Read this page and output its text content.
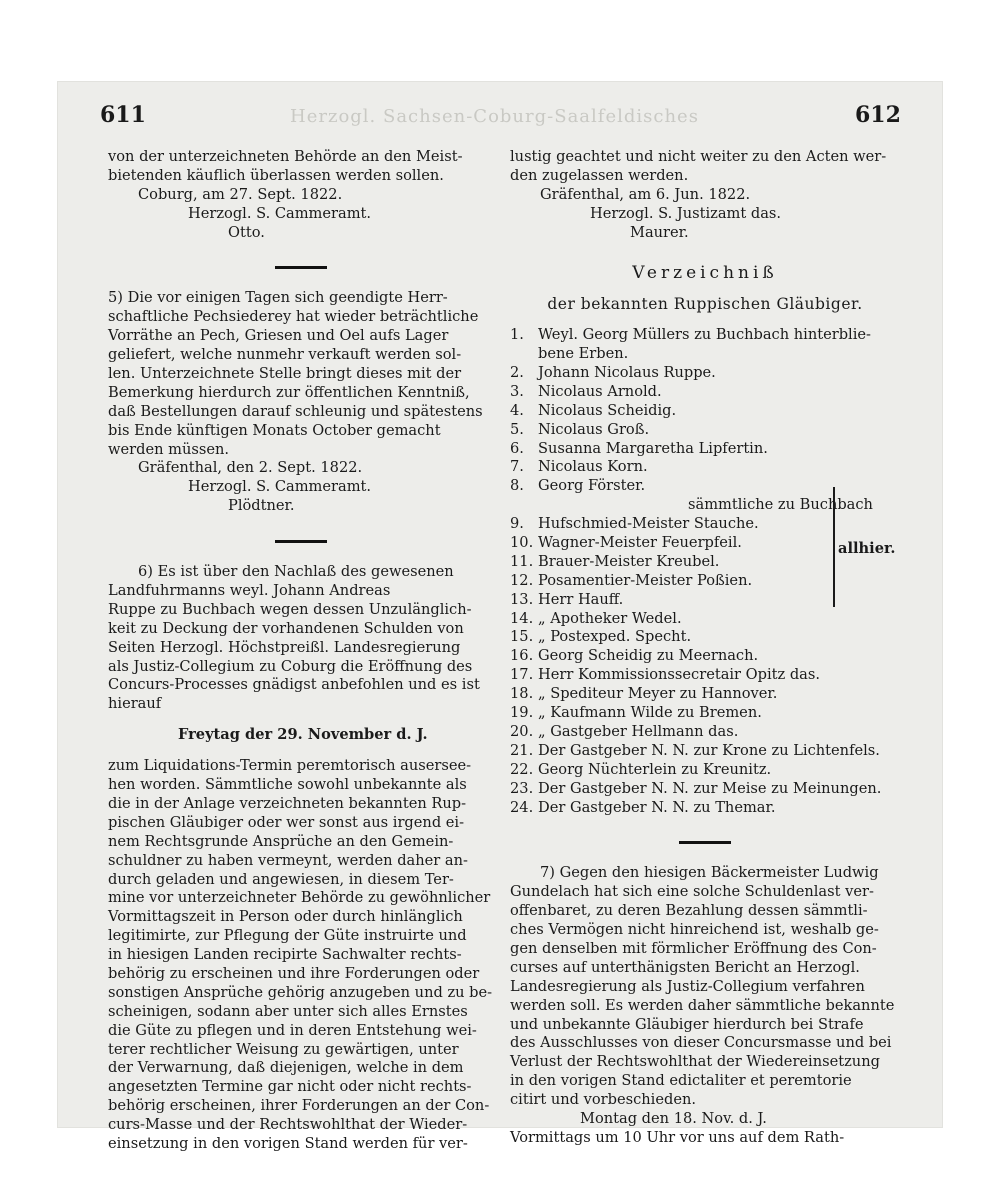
Herzogl. Sachsen-Coburg-Saalfeldisches
611	612
von der unterzeichneten Behörde an den Meist-
bietenden käuflich überlassen werden sollen.
Coburg, am 27. Sept. 1822.
Herzogl. S. Cammeramt.
Otto.
5) Die vor einigen Tagen sich geendigte Herr-
schaftliche Pechsiederey hat wieder beträchtliche
Vorräthe an Pech, Griesen und Oel aufs Lager
geliefert, welche nunmehr verkauft werden sol-
len. Unterzeichnete Stelle bringt dieses mit der
Bemerkung hierdurch zur öffentlichen Kenntniß,
daß Bestellungen darauf schleunig und spätestens
bis Ende künftigen Monats October gemacht
werden müssen.
Gräfenthal, den 2. Sept. 1822.
Herzogl. S. Cammeramt.
Plödtner.
6) Es ist über den Nachlaß des gewesenen
Landfuhrmanns weyl. Johann Andreas
Ruppe zu Buchbach wegen dessen Unzulänglich-
keit zu Deckung der vorhandenen Schulden von
Seiten Herzogl. Höchstpreißl. Landesregierung
als Justiz-Collegium zu Coburg die Eröffnung des
Concurs-Processes gnädigst anbefohlen und es ist
hierauf
Freytag der 29. November d. J.
zum Liquidations-Termin peremtorisch ausersee-
hen worden. Sämmtliche sowohl unbekannte als
die in der Anlage verzeichneten bekannten Rup-
pischen Gläubiger oder wer sonst aus irgend ei-
nem Rechtsgrunde Ansprüche an den Gemein-
schuldner zu haben vermeynt, werden daher an-
durch geladen und angewiesen, in diesem Ter-
mine vor unterzeichneter Behörde zu gewöhnlicher
Vormittagszeit in Person oder durch hinlänglich
legitimirte, zur Pflegung der Güte instruirte und
in hiesigen Landen recipirte Sachwalter rechts-
behörig zu erscheinen und ihre Forderungen oder
sonstigen Ansprüche gehörig anzugeben und zu be-
scheinigen, sodann aber unter sich alles Ernstes
die Güte zu pflegen und in deren Entstehung wei-
terer rechtlicher Weisung zu gewärtigen, unter
der Verwarnung, daß diejenigen, welche in dem
angesetzten Termine gar nicht oder nicht rechts-
behörig erscheinen, ihrer Forderungen an der Con-
curs-Masse und der Rechtswohlthat der Wieder-
einsetzung in den vorigen Stand werden für ver-
lustig geachtet und nicht weiter zu den Acten wer-
den zugelassen werden.
Gräfenthal, am 6. Jun. 1822.
Herzogl. S. Justizamt das.
Maurer.
Verzeichniß
der bekannten Ruppischen Gläubiger.
1. Weyl. Georg Müllers zu Buchbach hinterblie-
bene Erben.
2. Johann Nicolaus Ruppe.
3. Nicolaus Arnold.
4. Nicolaus Scheidig.
5. Nicolaus Groß.
6. Susanna Margaretha Lipfertin.
7. Nicolaus Korn.
8. Georg Förster.
sämmtliche zu Buchbach
9. Hufschmied-Meister Stauche.
10. Wagner-Meister Feuerpfeil.
11. Brauer-Meister Kreubel.
12. Posamentier-Meister Poßien.
13. Herr Hauff.
14. „ Apotheker Wedel.
15. „ Postexped. Specht.
16. Georg Scheidig zu Meernach.
17. Herr Kommissionssecretair Opitz das.
18. „ Spediteur Meyer zu Hannover.
19. „ Kaufmann Wilde zu Bremen.
20. „ Gastgeber Hellmann das.
21. Der Gastgeber N. N. zur Krone zu Lichtenfels.
22. Georg Nüchterlein zu Kreunitz.
23. Der Gastgeber N. N. zur Meise zu Meinungen.
24. Der Gastgeber N. N. zu Themar.
7) Gegen den hiesigen Bäckermeister Ludwig
Gundelach hat sich eine solche Schuldenlast ver-
offenbaret, zu deren Bezahlung dessen sämmtli-
ches Vermögen nicht hinreichend ist, weshalb ge-
gen denselben mit förmlicher Eröffnung des Con-
curses auf unterthänigsten Bericht an Herzogl.
Landesregierung als Justiz-Collegium verfahren
werden soll. Es werden daher sämmtliche bekannte
und unbekannte Gläubiger hierdurch bei Strafe
des Ausschlusses von dieser Concursmasse und bei
Verlust der Rechtswohlthat der Wiedereinsetzung
in den vorigen Stand edictaliter et peremtorie
citirt und vorbeschieden.
Montag den 18. Nov. d. J.
Vormittags um 10 Uhr vor uns auf dem Rath-
allhier.
